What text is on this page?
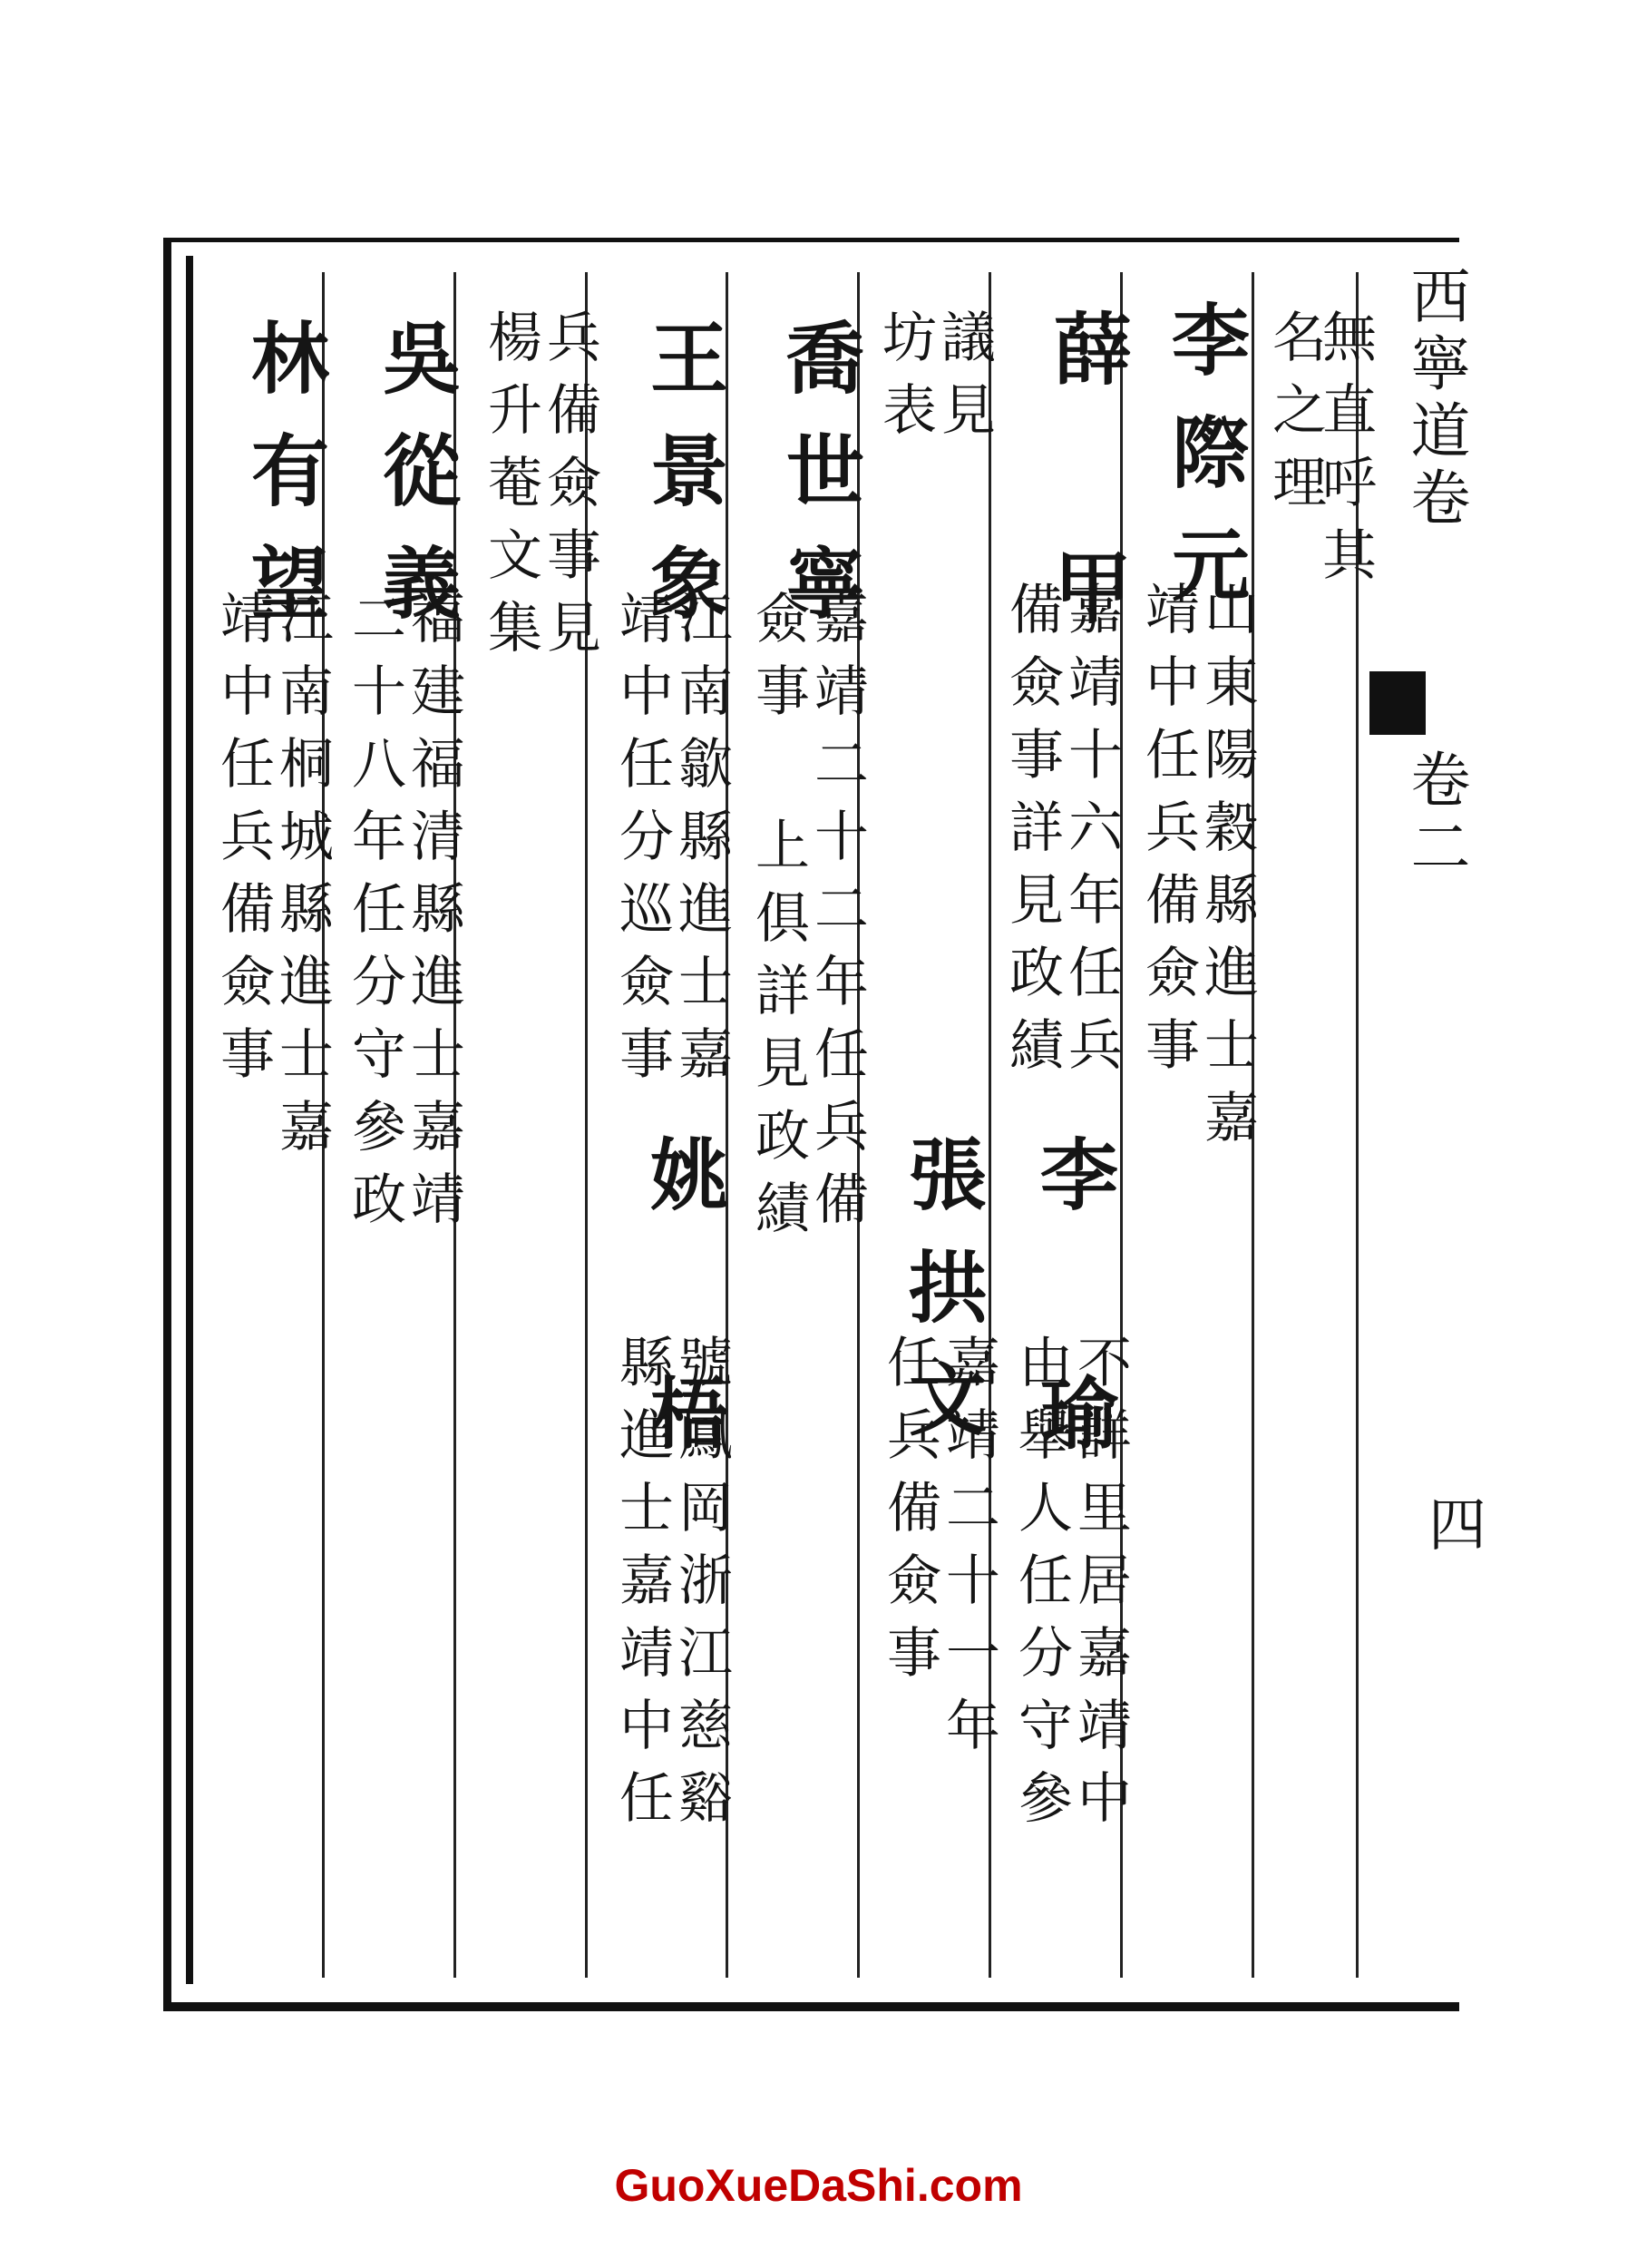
西寧道卷
卷二
四
無直呼其
名之理
李際元
山東陽穀縣進士嘉
靖中任兵備僉事
薛 甲
嘉靖十六年任兵
備僉事詳見政績
李 瑜
不詳里居嘉靖中
由舉人任分守參
議見
坊表
張拱文
嘉靖二十一年
任兵備僉事
喬世寧
嘉靖二十二年任兵備
僉事 上俱詳見政績
王景象
江南歙縣進士嘉
靖中任分巡僉事
姚 梧
號鳳岡浙江慈谿
縣進士嘉靖中任
兵備僉事見
楊升菴文集
吳從義
福建福清縣進士嘉靖
二十八年任分守參政
林有望
江南桐城縣進士嘉
靖中任兵備僉事
GuoXueDaShi.com
